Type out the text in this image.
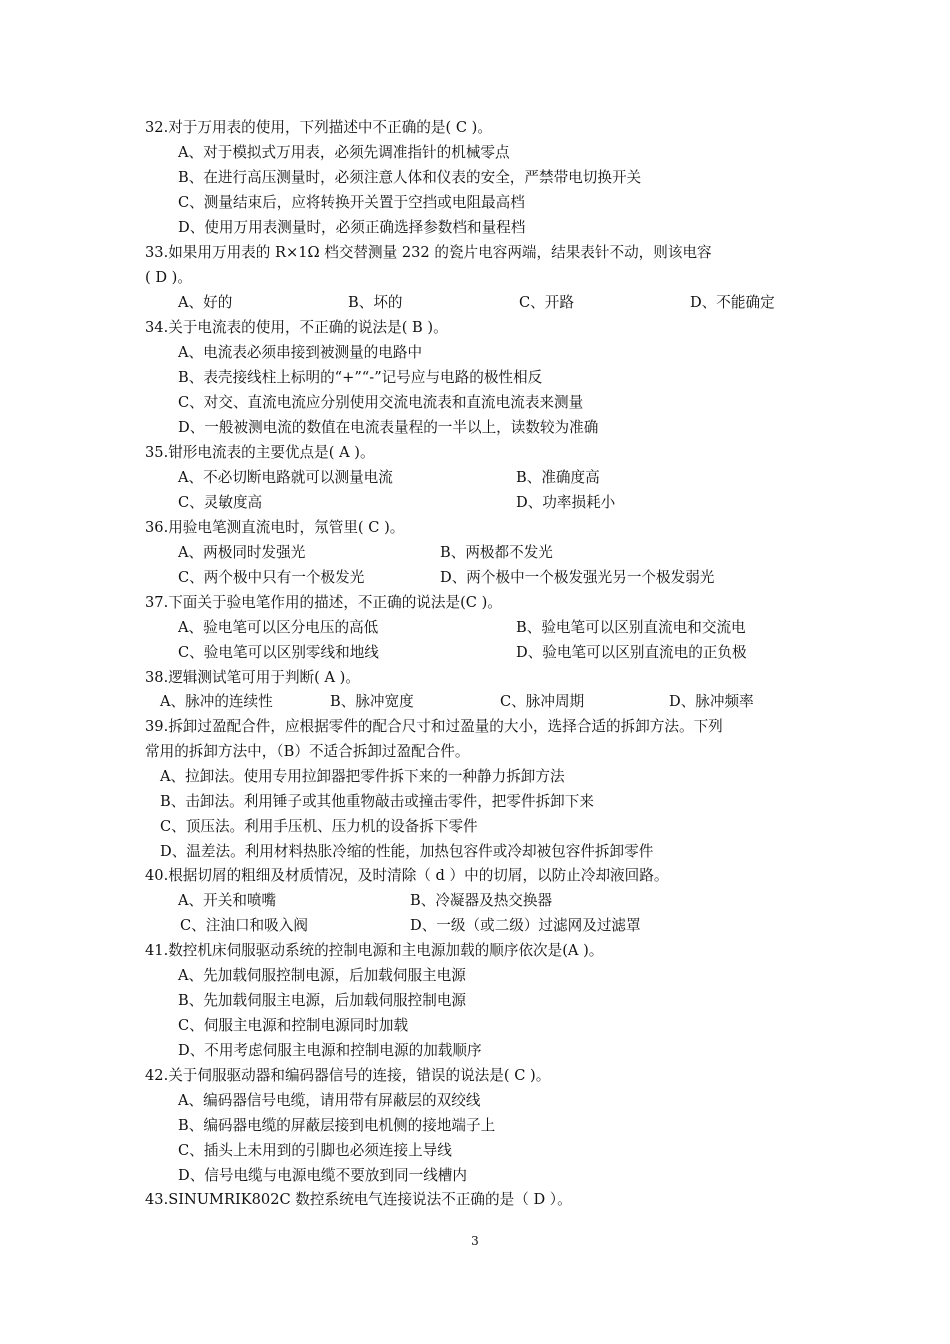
32.对于万用表的使用，下列描述中不正确的是( C )。
A、对于模拟式万用表，必须先调准指针的机械零点
B、在进行高压测量时，必须注意人体和仪表的安全，严禁带电切换开关
C、测量结束后，应将转换开关置于空挡或电阻最高档
D、使用万用表测量时，必须正确选择参数档和量程档
33.如果用万用表的 R×1Ω 档交替测量 232 的瓷片电容两端，结果表针不动，则该电容
( D )。
A、好的	B、坏的	C、开路	D、不能确定
34.关于电流表的使用，不正确的说法是( B )。
A、电流表必须串接到被测量的电路中
B、表壳接线柱上标明的“+”“-”记号应与电路的极性相反
C、对交、直流电流应分别使用交流电流表和直流电流表来测量
D、一般被测电流的数值在电流表量程的一半以上，读数较为准确
35.钳形电流表的主要优点是( A )。
A、不必切断电路就可以测量电流	B、准确度高
C、灵敏度高	D、功率损耗小
36.用验电笔测直流电时，氖管里( C )。
A、两极同时发强光	B、两极都不发光
C、两个极中只有一个极发光	D、两个极中一个极发强光另一个极发弱光
37.下面关于验电笔作用的描述，不正确的说法是(C )。
A、验电笔可以区分电压的高低	B、验电笔可以区别直流电和交流电
C、验电笔可以区别零线和地线	D、验电笔可以区别直流电的正负极
38.逻辑测试笔可用于判断( A )。
A、脉冲的连续性	B、脉冲宽度	C、脉冲周期	D、脉冲频率
39.拆卸过盈配合件，应根据零件的配合尺寸和过盈量的大小，选择合适的拆卸方法。下列
常用的拆卸方法中，（B）不适合拆卸过盈配合件。
A、拉卸法。使用专用拉卸器把零件拆下来的一种静力拆卸方法
B、击卸法。利用锤子或其他重物敲击或撞击零件，把零件拆卸下来
C、顶压法。利用手压机、压力机的设备拆下零件
D、温差法。利用材料热胀冷缩的性能，加热包容件或冷却被包容件拆卸零件
40.根据切屑的粗细及材质情况，及时清除（ d ）中的切屑，以防止冷却液回路。
A、开关和喷嘴	B、冷凝器及热交换器
C、注油口和吸入阀	D、一级（或二级）过滤网及过滤罩
41.数控机床伺服驱动系统的控制电源和主电源加载的顺序依次是(A )。
A、先加载伺服控制电源，后加载伺服主电源
B、先加载伺服主电源，后加载伺服控制电源
C、伺服主电源和控制电源同时加载
D、不用考虑伺服主电源和控制电源的加载顺序
42.关于伺服驱动器和编码器信号的连接，错误的说法是( C )。
A、编码器信号电缆，请用带有屏蔽层的双绞线
B、编码器电缆的屏蔽层接到电机侧的接地端子上
C、插头上未用到的引脚也必须连接上导线
D、信号电缆与电源电缆不要放到同一线槽内
43.SINUMRIK802C 数控系统电气连接说法不正确的是（ D ）。
3
